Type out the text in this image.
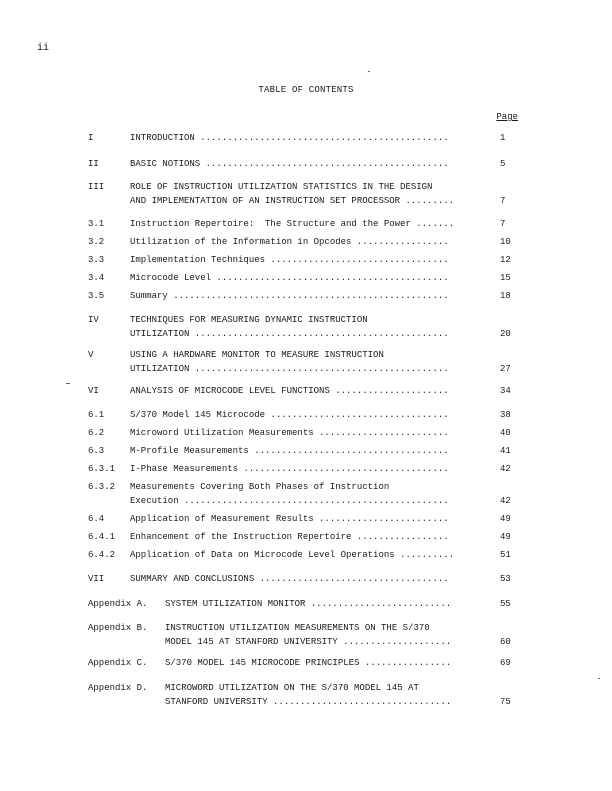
ii
TABLE OF CONTENTS
Page
I	INTRODUCTION ..............................................	1
II	BASIC NOTIONS .............................................	5
III	ROLE OF INSTRUCTION UTILIZATION STATISTICS IN THE DESIGN
AND IMPLEMENTATION OF AN INSTRUCTION SET PROCESSOR .........	7
3.1	Instruction Repertoire:  The Structure and the Power .......	7
3.2	Utilization of the Information in Opcodes .................	10
3.3	Implementation Techniques .................................	12
3.4	Microcode Level ...........................................	15
3.5	Summary ...................................................	18
IV	TECHNIQUES FOR MEASURING DYNAMIC INSTRUCTION
UTILIZATION ...............................................	20
V	USING A HARDWARE MONITOR TO MEASURE INSTRUCTION
UTILIZATION ...............................................	27
VI	ANALYSIS OF MICROCODE LEVEL FUNCTIONS .....................	34
6.1	S/370 Model 145 Microcode .................................	38
6.2	Microword Utilization Measurements ........................	40
6.3	M-Profile Measurements ....................................	41
6.3.1 I-Phase Measurements ......................................	42
6.3.2 Measurements Covering Both Phases of Instruction
Execution .................................................	42
6.4	Application of Measurement Results ........................	49
6.4.1 Enhancement of the Instruction Repertoire .................	49
6.4.2 Application of Data on Microcode Level Operations ..........	51
VII	SUMMARY AND CONCLUSIONS ...................................	53
Appendix A. SYSTEM UTILIZATION MONITOR ..........................	55
Appendix B. INSTRUCTION UTILIZATION MEASUREMENTS ON THE S/370
MODEL 145 AT STANFORD UNIVERSITY ....................	60
Appendix C. S/370 MODEL 145 MICROCODE PRINCIPLES ................	69
Appendix D. MICROWORD UTILIZATION ON THE S/370 MODEL 145 AT
STANFORD UNIVERSITY .................................	75
